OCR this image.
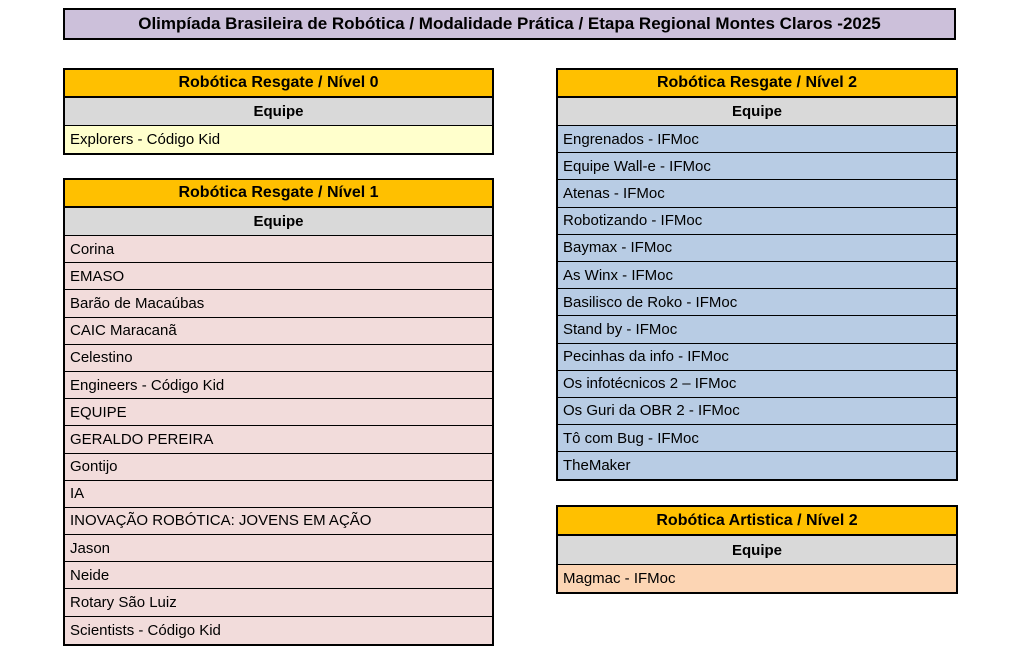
Olimpíada Brasileira de Robótica / Modalidade Prática / Etapa Regional Montes Claros -2025
Robótica Resgate / Nível 0
Equipe
Explorers - Código Kid
Robótica Resgate / Nível 1
Equipe
Corina
EMASO
Barão de Macaúbas
CAIC Maracanã
Celestino
Engineers - Código Kid
EQUIPE
GERALDO PEREIRA
Gontijo
IA
INOVAÇÃO ROBÓTICA: JOVENS EM AÇÃO
Jason
Neide
Rotary São Luiz
Scientists - Código Kid
Robótica Resgate / Nível 2
Equipe
Engrenados - IFMoc
Equipe Wall-e - IFMoc
Atenas - IFMoc
Robotizando - IFMoc
Baymax - IFMoc
As Winx - IFMoc
Basilisco de Roko - IFMoc
Stand by - IFMoc
Pecinhas da info - IFMoc
Os infotécnicos 2 – IFMoc
Os Guri da OBR 2 - IFMoc
Tô com Bug - IFMoc
TheMaker
Robótica Artistica / Nível 2
Equipe
Magmac - IFMoc
